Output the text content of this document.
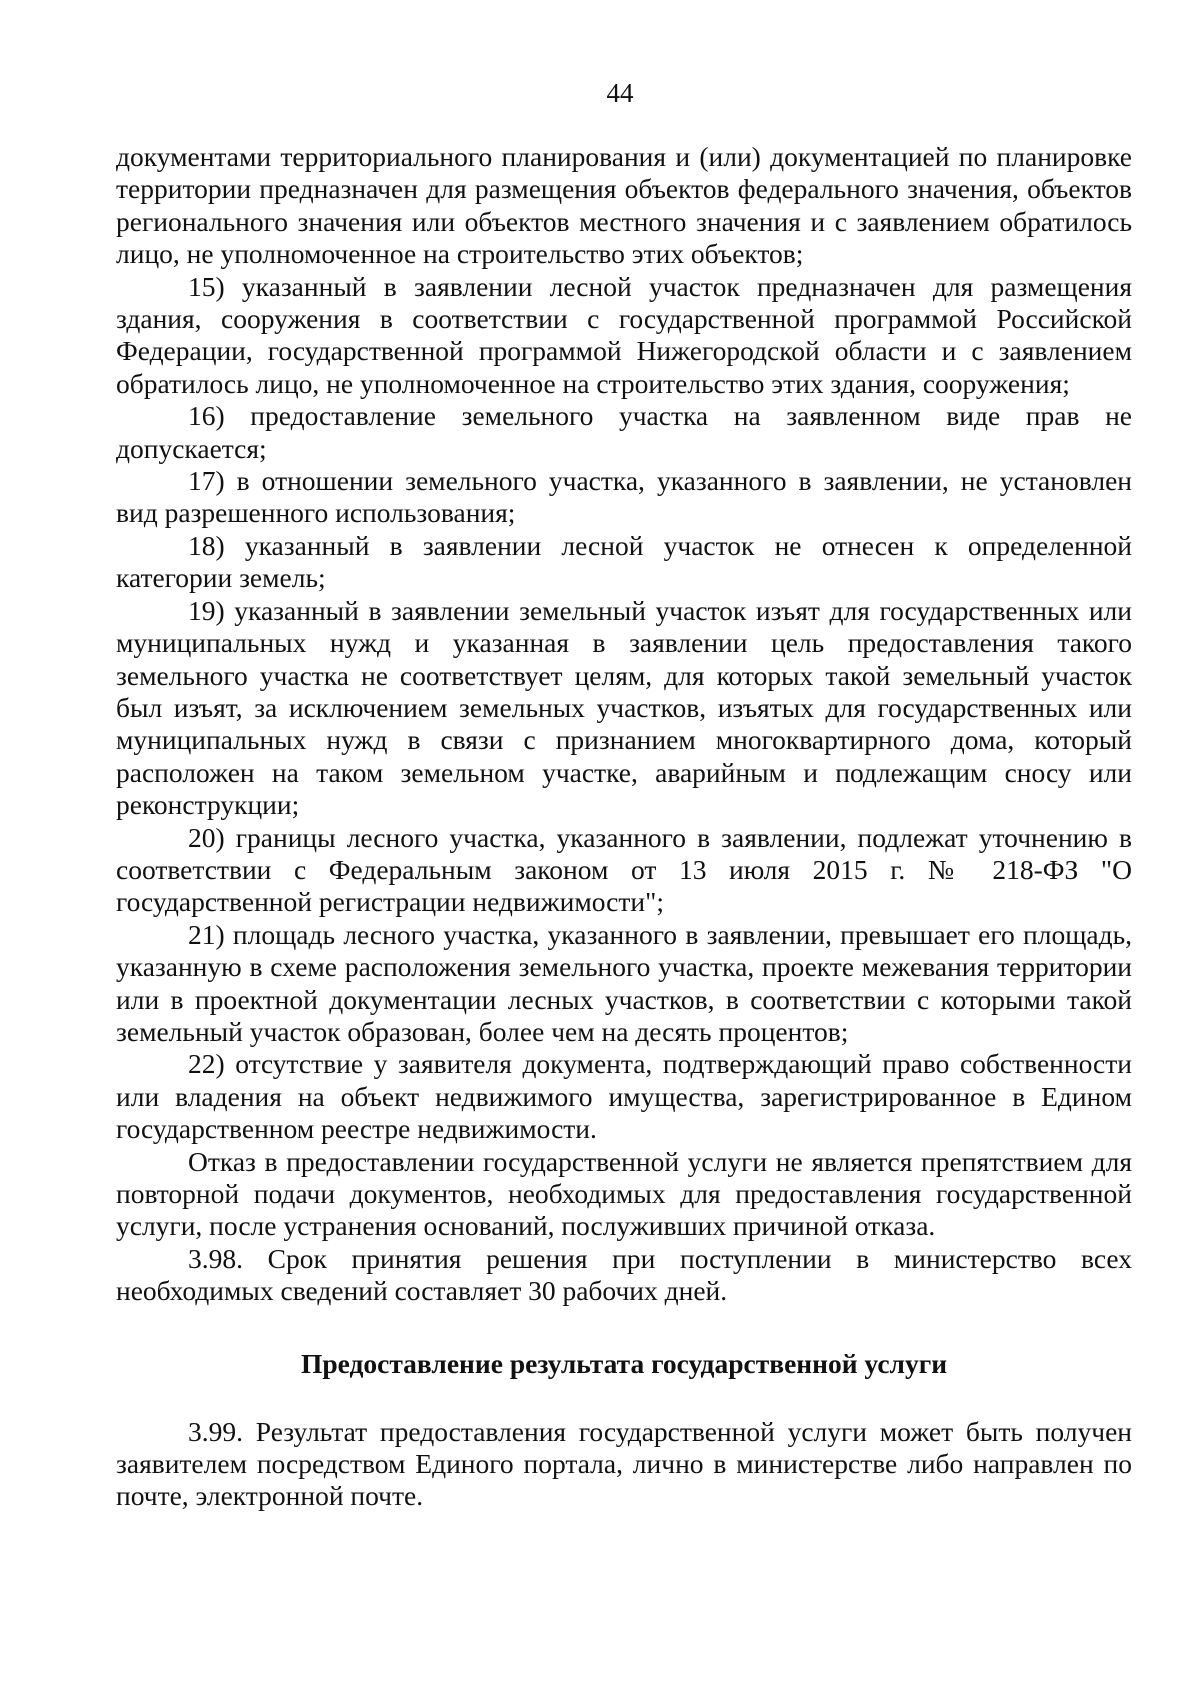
44

документами территориального планирования и (или) документацией по планировке территории предназначен для размещения объектов федерального значения, объектов регионального значения или объектов местного значения и с заявлением обратилось лицо, не уполномоченное на строительство этих объектов;

15) указанный в заявлении лесной участок предназначен для размещения здания, сооружения в соответствии с государственной программой Российской Федерации, государственной программой Нижегородской области и с заявлением обратилось лицо, не уполномоченное на строительство этих здания, сооружения;

16) предоставление земельного участка на заявленном виде прав не допускается;

17) в отношении земельного участка, указанного в заявлении, не установлен вид разрешенного использования;

18) указанный в заявлении лесной участок не отнесен к определенной категории земель;

19) указанный в заявлении земельный участок изъят для государственных или муниципальных нужд и указанная в заявлении цель предоставления такого земельного участка не соответствует целям, для которых такой земельный участок был изъят, за исключением земельных участков, изъятых для государственных или муниципальных нужд в связи с признанием многоквартирного дома, который расположен на таком земельном участке, аварийным и подлежащим сносу или реконструкции;

20) границы лесного участка, указанного в заявлении, подлежат уточнению в соответствии с Федеральным законом от 13 июля 2015 г. № 218-ФЗ "О государственной регистрации недвижимости";

21) площадь лесного участка, указанного в заявлении, превышает его площадь, указанную в схеме расположения земельного участка, проекте межевания территории или в проектной документации лесных участков, в соответствии с которыми такой земельный участок образован, более чем на десять процентов;

22) отсутствие у заявителя документа, подтверждающий право собственности или владения на объект недвижимого имущества, зарегистрированное в Едином государственном реестре недвижимости.

Отказ в предоставлении государственной услуги не является препятствием для повторной подачи документов, необходимых для предоставления государственной услуги, после устранения оснований, послуживших причиной отказа.

3.98. Срок принятия решения при поступлении в министерство всех необходимых сведений составляет 30 рабочих дней.

Предоставление результата государственной услуги

3.99. Результат предоставления государственной услуги может быть получен заявителем посредством Единого портала, лично в министерстве либо направлен по почте, электронной почте.
